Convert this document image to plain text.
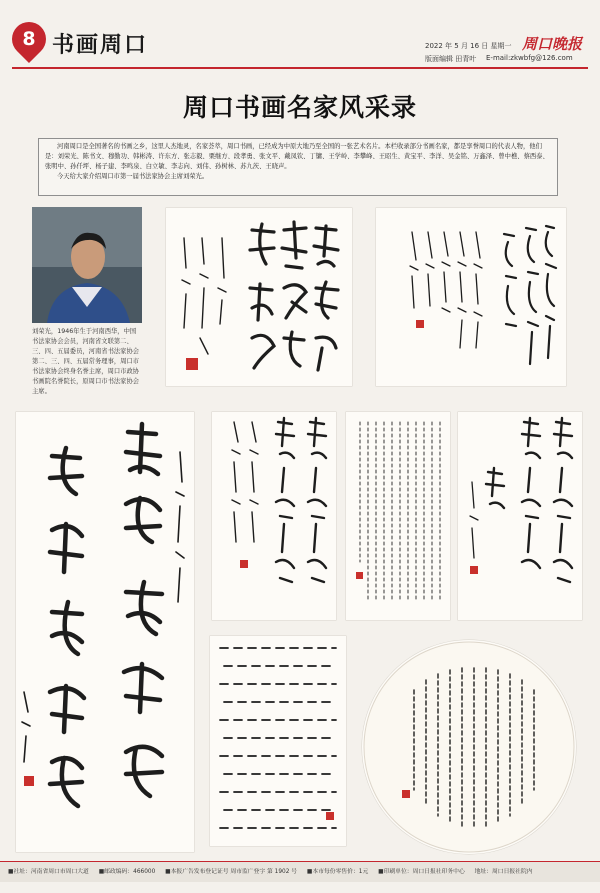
8 书画周口	2022 年 5 月 16 日 星期一
版面编辑 田青叶 E-mail:zkwbfg@126.com
周口晚报
周口书画名家风采录

河南周口是全国著名的书画之乡，这里人杰地灵，名家荟萃，周口书画，已经成为中原大地乃至全国的一张艺术名片。本栏收录部分书画名家，都是享誉周口的代表人物，他们是：刘荣光、陈书文、穆勤功、韩彬涛、许东方、张志毅、栗继方、段孝勇、张文平、戴凤钦、丁镛、王学岭、李攀峰、王昭生、黄宝平、李洋、吴金铭、万鑫泽、曾中樵、蔡西泰、张明中、孙仟坪、杨子建、李鸣泉、白立敏、李志向、刘伟、孙树林、苏九茨、王晓声。

今天给大家介绍周口市第一届书法家协会主席刘荣光。

刘荣光，1946年生于河南西华，中国书法家协会会员，河南省文联第二、三、四、五届委员，河南省书法家协会第二、三、四、五届常务理事，周口市书法家协会终身名誉主席，周口市政协书画院名誉院长，原周口市书法家协会主席。
■社址：河南省周口市周口大道 ■邮政编码：466000 ■本报广告发布登记证号 周市监广登字 第 1902 号 ■本市每份零售价：1元 ■印刷单位：周口日报社印务中心 地址：周口日报社院内
